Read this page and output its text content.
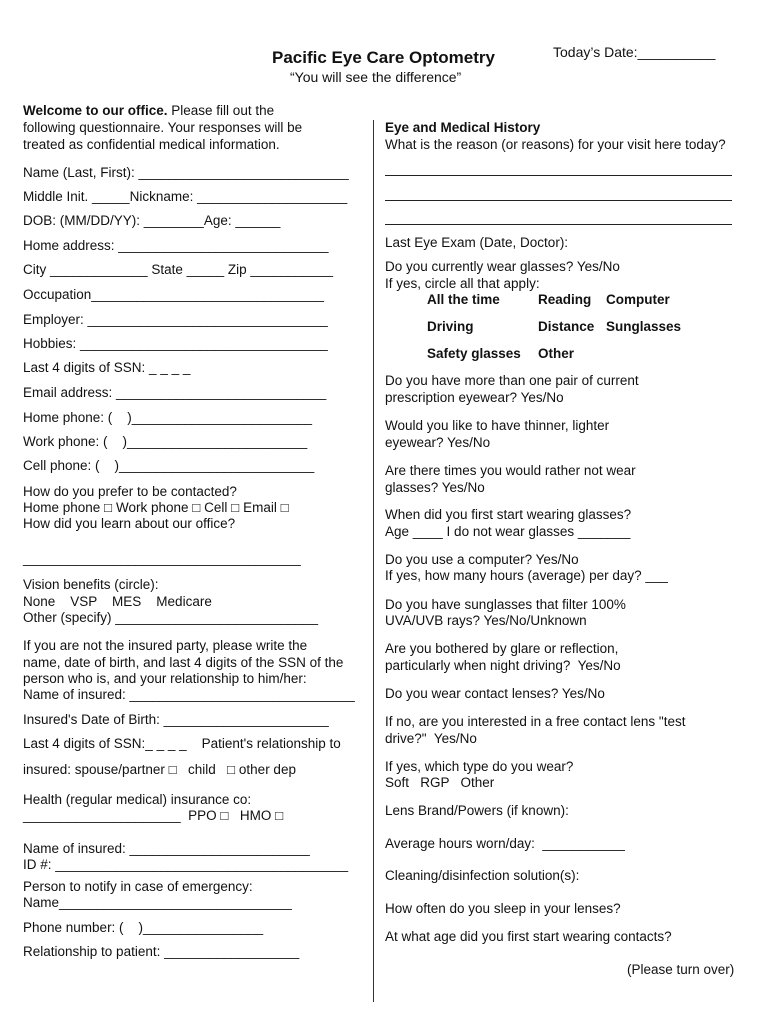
Pacific Eye Care Optometry
“You will see the difference”
Today’s Date:__________
Welcome to our office. Please fill out the
following questionnaire. Your responses will be
treated as confidential medical information.
Name (Last, First): ____________________________
Middle Init. _____Nickname: ____________________
DOB: (MM/DD/YY): ________Age: ______
Home address: ____________________________
City _____________ State _____ Zip ___________
Occupation_______________________________
Employer: ________________________________
Hobbies: _________________________________
Last 4 digits of SSN: _ _ _ _
Email address: ____________________________
Home phone: (    )________________________
Work phone: (    )________________________
Cell phone: (    )__________________________
How do you prefer to be contacted?
Home phone □ Work phone □ Cell □ Email □
How did you learn about our office?
_____________________________________
Vision benefits (circle):
None    VSP    MES    Medicare
Other (specify) ___________________________
If you are not the insured party, please write the
name, date of birth, and last 4 digits of the SSN of the
person who is, and your relationship to him/her:
Name of insured: ______________________________
Insured's Date of Birth: ______________________
Last 4 digits of SSN:_ _ _ _    Patient's relationship to
insured: spouse/partner □   child   □ other dep
Health (regular medical) insurance co:
_____________________  PPO □   HMO □
Name of insured: ________________________
ID #: _______________________________________
Person to notify in case of emergency:
Name_______________________________
Phone number: (    )________________
Relationship to patient: __________________
Eye and Medical History
What is the reason (or reasons) for your visit here today?
Last Eye Exam (Date, Doctor):
Do you currently wear glasses? Yes/No
If yes, circle all that apply:
All the time	Reading Computer
Driving	Distance Sunglasses
Safety glasses Other
Do you have more than one pair of current
prescription eyewear? Yes/No
Would you like to have thinner, lighter
eyewear? Yes/No
Are there times you would rather not wear
glasses? Yes/No
When did you first start wearing glasses?
Age ____ I do not wear glasses _______
Do you use a computer? Yes/No
If yes, how many hours (average) per day? ___
Do you have sunglasses that filter 100%
UVA/UVB rays? Yes/No/Unknown
Are you bothered by glare or reflection,
particularly when night driving?  Yes/No
Do you wear contact lenses? Yes/No
If no, are you interested in a free contact lens "test
drive?"  Yes/No
If yes, which type do you wear?
Soft   RGP   Other
Lens Brand/Powers (if known):
Average hours worn/day:  ___________
Cleaning/disinfection solution(s):
How often do you sleep in your lenses?
At what age did you first start wearing contacts?
(Please turn over)
